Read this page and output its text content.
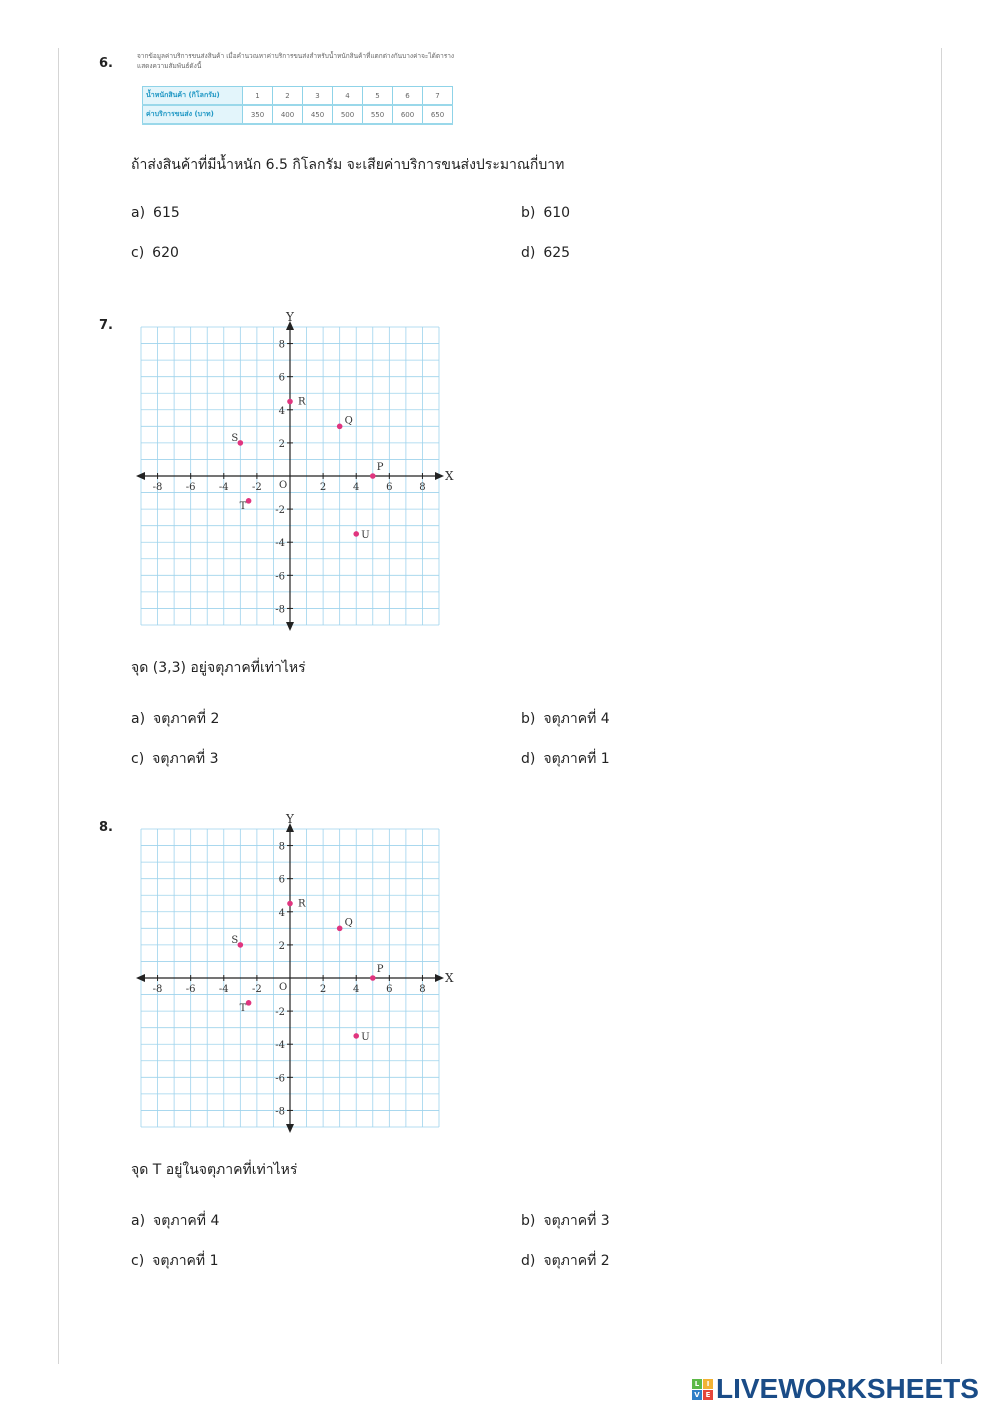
6.	จากข้อมูลค่าบริการขนส่งสินค้า เมื่อคำนวณหาค่าบริการขนส่งสำหรับน้ำหนักสินค้าที่แตกต่างกันบางค่าจะได้ตาราง แสดงความสัมพันธ์ดังนี้
น้ำหนักสินค้า (กิโลกรัม)	1	2	3	4	5	6	7
ค่าบริการขนส่ง (บาท)	350	400	450	500	550	600	650
ถ้าส่งสินค้าที่มีน้ำหนัก 6.5 กิโลกรัม จะเสียค่าบริการขนส่งประมาณกี่บาท
a) 615	b) 610
c) 620	d) 625
7.
X
Y
O
-8 -6 -4 -2	2	4	6	8
8
6
4
2
-2
-4
-6
-8
P
Q
R
S
T
U
จุด (3,3) อยู่จตุภาคที่เท่าไหร่
a) จตุภาคที่ 2	b) จตุภาคที่ 4
c) จตุภาคที่ 3	d) จตุภาคที่ 1
8.
X
Y
O
-8 -6 -4 -2	2	4	6	8
8
6
4
2
-2
-4
-6
-8
P
Q
R
S
T
U
จุด T อยู่ในจตุภาคที่เท่าไหร่
a) จตุภาคที่ 4	b) จตุภาคที่ 3
c) จตุภาคที่ 1	d) จตุภาคที่ 2
L	I
V E LIVEWORKSHEETS
